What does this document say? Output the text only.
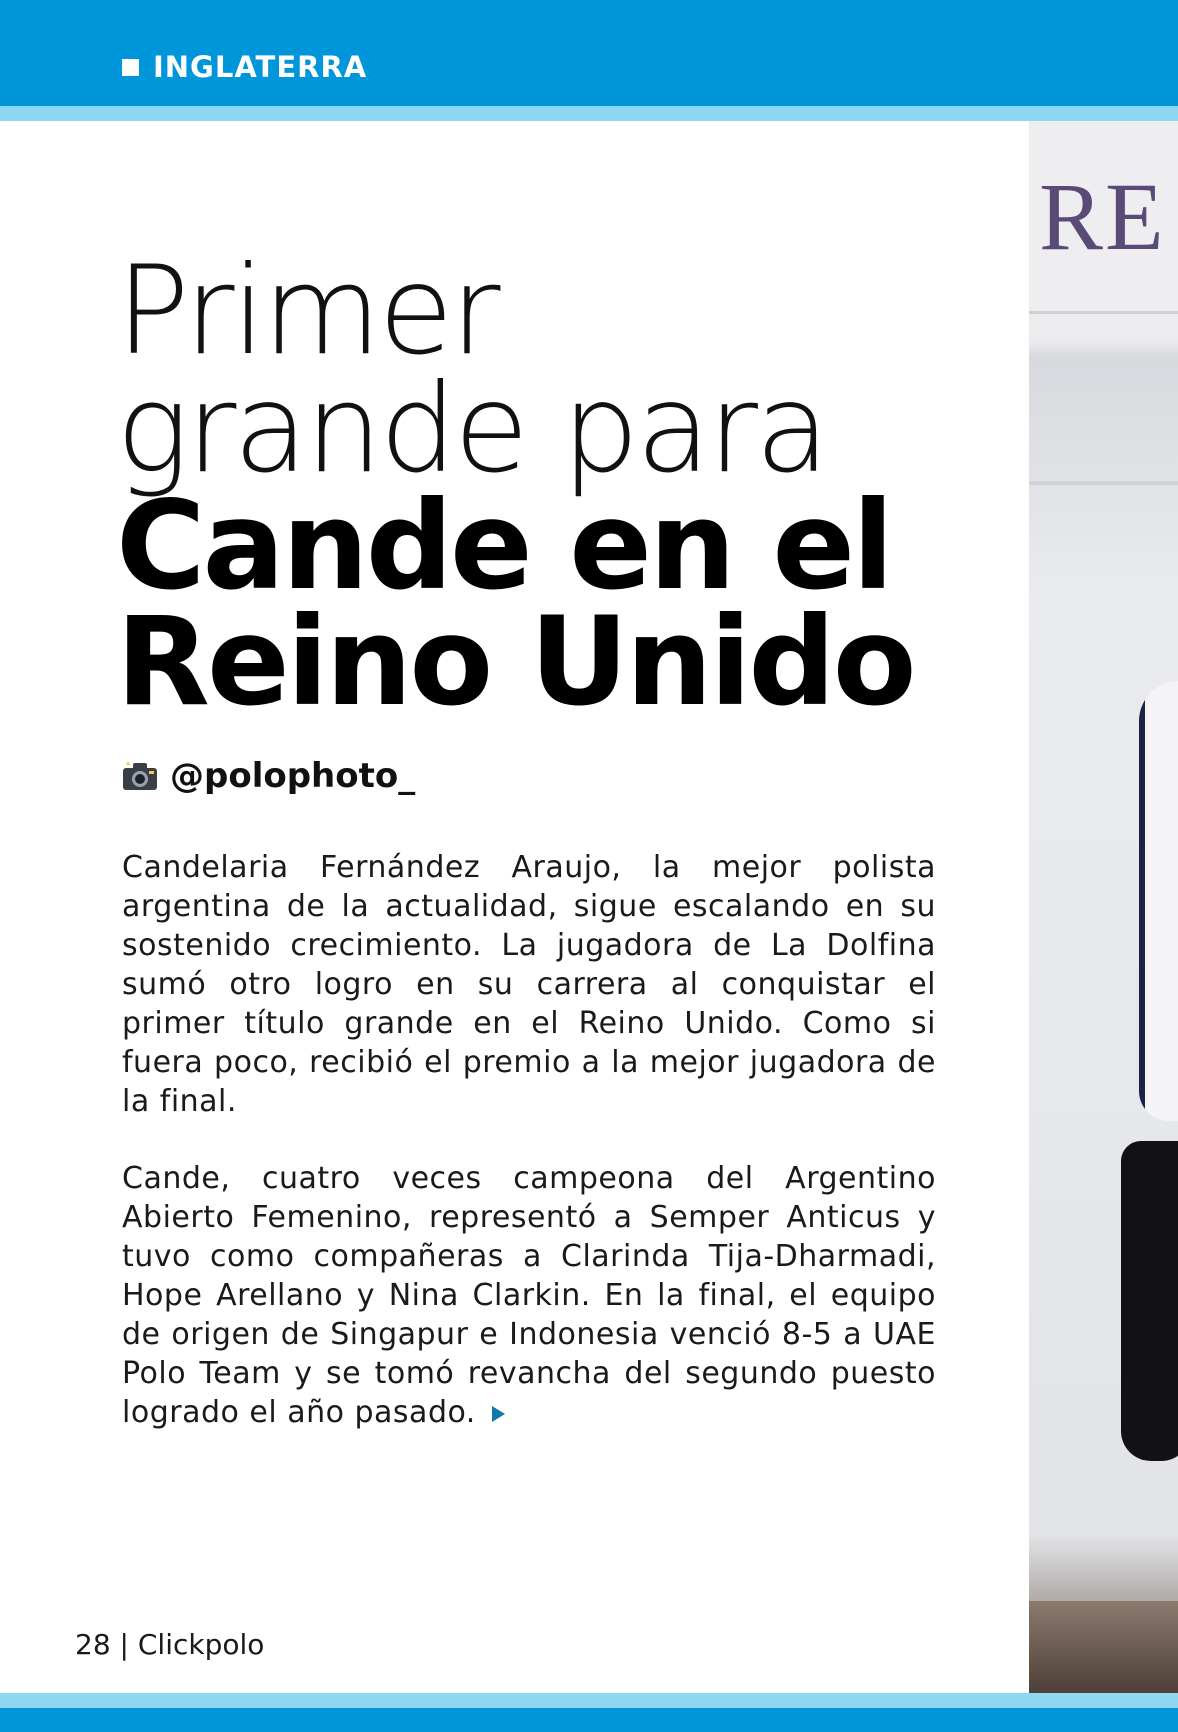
INGLATERRA
RE
Primer
grande para
Cande en el
Reino Unido
@polophoto_
Candelaria Fernández Araujo, la mejor polista argentina de la actualidad, sigue escalando en su sostenido crecimiento. La jugadora de La Dolfina sumó otro logro en su carrera al conquistar el primer título grande en el Reino Unido. Como si fuera poco, recibió el premio a la mejor jugadora de la final.
Cande, cuatro veces campeona del Argentino Abierto Femenino, representó a Semper Anticus y tuvo como compañeras a Clarinda Tija-Dharmadi, Hope Arellano y Nina Clarkin. En la final, el equipo de origen de Singapur e Indonesia venció 8-5 a UAE Polo Team y se tomó revancha del segundo puesto logrado el año pasado.
28 | Clickpolo
